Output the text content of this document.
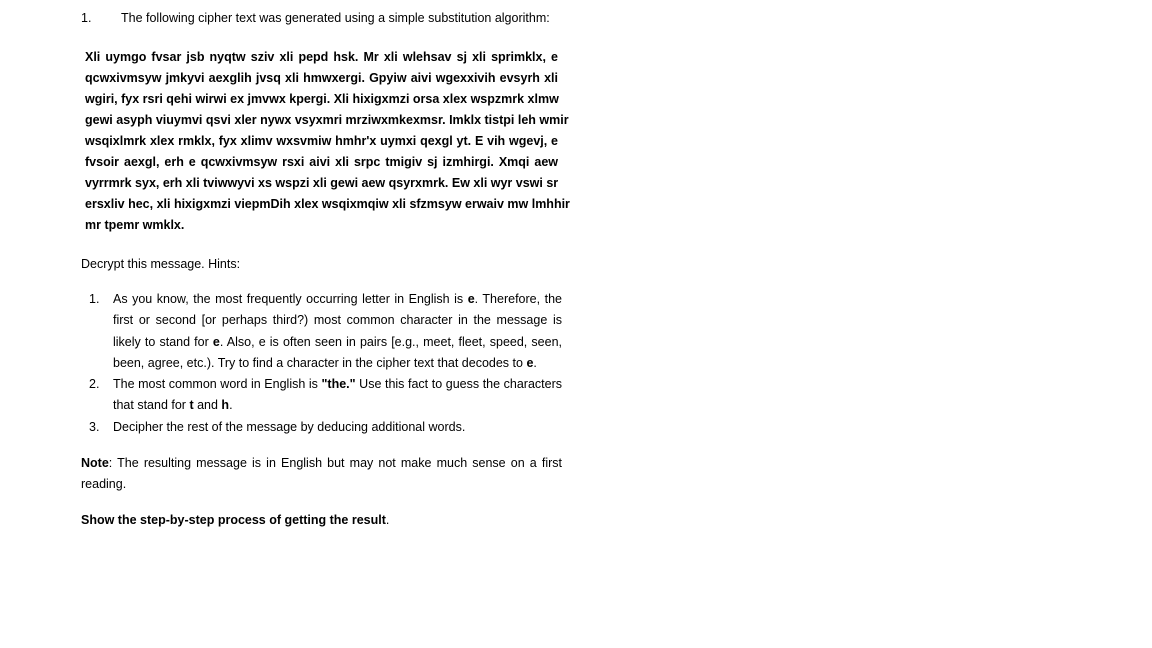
1. The following cipher text was generated using a simple substitution algorithm:
Xli uymgo fvsar jsb nyqtw sziv xli pepd hsk. Mr xli wlehsav sj xli sprimklx, e
qcwxivmsyw jmkyvi aexglih jvsq xli hmwxergi. Gpyiw aivi wgexxivih evsyrh xli
wgiri, fyx rsri qehi wirwi ex jmvwx kpergi. Xli hixigxmzi orsa xlex wspzmrk xlmw
gewi asyph viuymvi qsvi xler nywx vsyxmri mrziwxmkexmsr. Imklx tistpi leh wmir
wsqixlmrk xlex rmklx, fyx xlimv wxsvmiw hmhr'x uymxi qexgl yt. E vih wgevj, e
fvsoir aexgl, erh e qcwxivmsyw rsxi aivi xli srpc tmigiv sj izmhirgi. Xmqi aew
vyrrmrk syx, erh xli tviwwyvi xs wspzi xli gewi aew qsyrxmrk. Ew xli wyr vswi sr
ersxliv hec, xli hixigxmzi viepmDih xlex wsqixmqiw xli sfzmsyw erwaiv mw lmhhir
mr tpemr wmklx.
Decrypt this message. Hints:
1. As you know, the most frequently occurring letter in English is e. Therefore, the first or second [or perhaps third?) most common character in the message is likely to stand for e. Also, e is often seen in pairs [e.g., meet, fleet, speed, seen, been, agree, etc.). Try to find a character in the cipher text that decodes to e.
2. The most common word in English is "the." Use this fact to guess the characters that stand for t and h.
3. Decipher the rest of the message by deducing additional words.

Note: The resulting message is in English but may not make much sense on a first reading.

Show the step-by-step process of getting the result.
